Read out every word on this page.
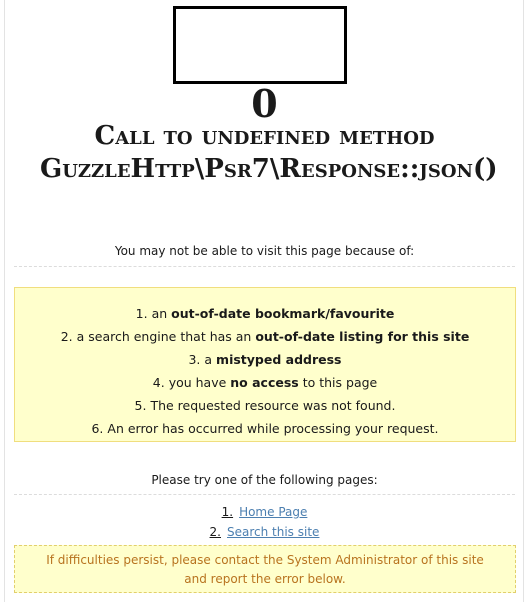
0
Call to undefined method GuzzleHttp\Psr7\Response::json()
You may not be able to visit this page because of:
1. an out-of-date bookmark/favourite
2. a search engine that has an out-of-date listing for this site
3. a mistyped address
4. you have no access to this page
5. The requested resource was not found.
6. An error has occurred while processing your request.
Please try one of the following pages:
1. Home Page
2. Search this site
If difficulties persist, please contact the System Administrator of this site and report the error below.
